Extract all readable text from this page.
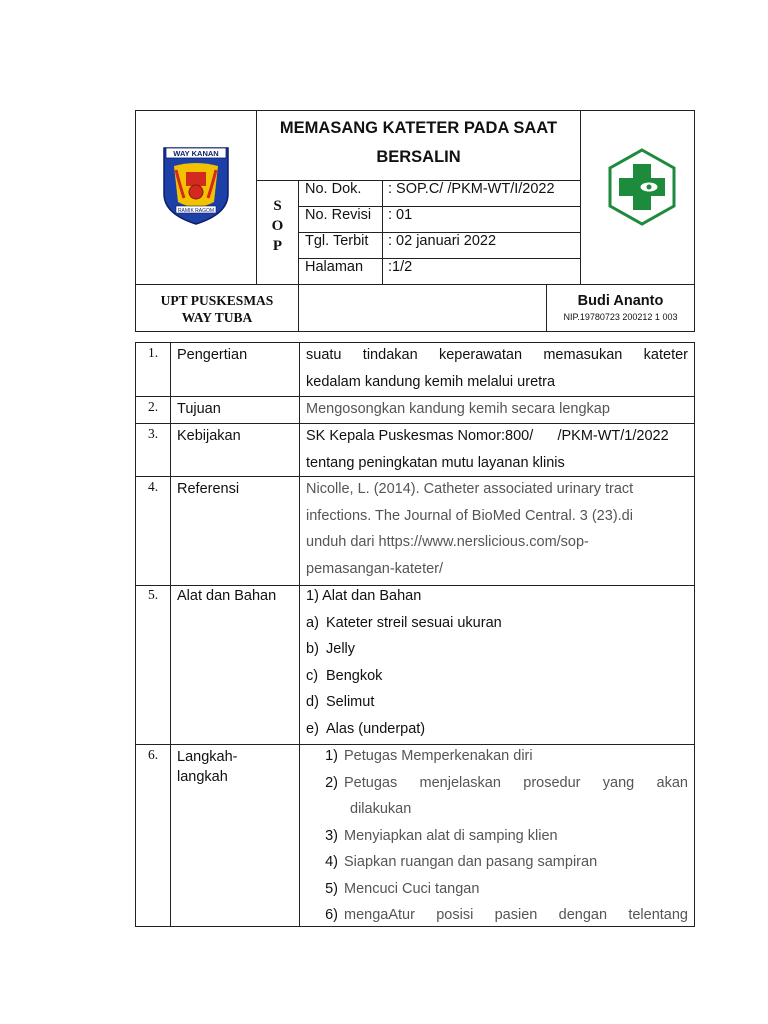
WAY KANAN
RAMIK RAGOM
MEMASANG KATETER PADA SAAT
BERSALIN
S
O
P
No. Dok. : SOP.C/ /PKM-WT/I/2022
No. Revisi : 01
Tgl. Terbit : 02 januari 2022
Halaman :1/2
UPT PUSKESMAS
WAY TUBA
Budi Ananto
NIP.19780723 200212 1 003
1.
2.
3.
4.
5.
6.
Pengertian
Tujuan
Kebijakan
Referensi
Alat dan Bahan
Langkah-
langkah
suatu tindakan keperawatan memasukan kateter
kedalam kandung kemih melalui uretra
Mengosongkan kandung kemih secara lengkap
SK Kepala Puskesmas Nomor:800/      /PKM-WT/1/2022
tentang peningkatan mutu layanan klinis
Nicolle, L. (2014). Catheter associated urinary tract
infections. The Journal of BioMed Central. 3 (23).di
unduh dari https://www.nerslicious.com/sop-
pemasangan-kateter/
1) Alat dan Bahan
a) Kateter streil sesuai ukuran
b) Jelly
c) Bengkok
d) Selimut
e) Alas (underpat)
1) Petugas Memperkenakan diri
2) Petugas menjelaskan prosedur yang akan
dilakukan
3) Menyiapkan alat di samping klien
4) Siapkan ruangan dan pasang sampiran
5) Mencuci Cuci tangan
6) mengaAtur posisi pasien dengan telentang
